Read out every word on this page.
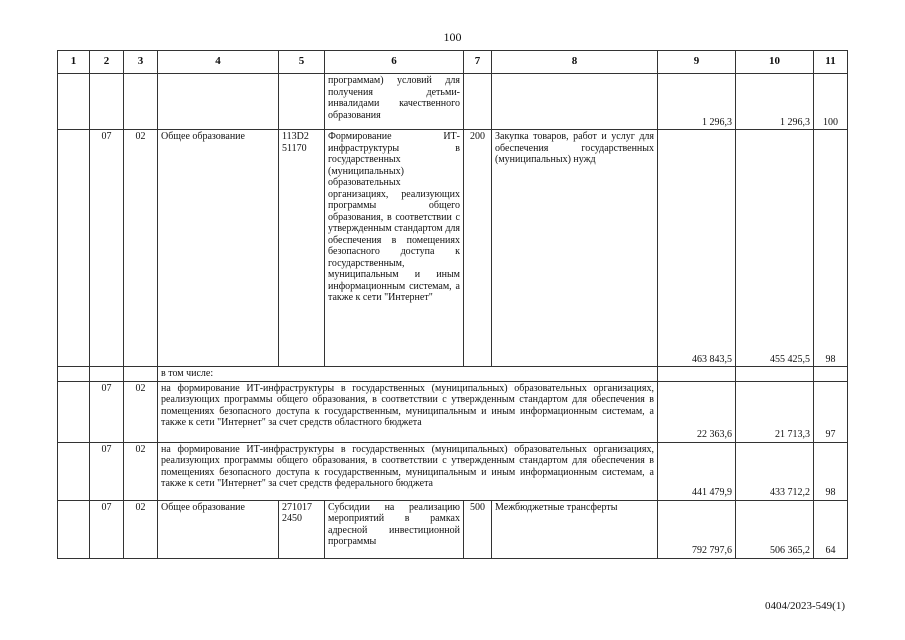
100
1	2	3	4	5	6	7	8	9	10	11
					программам) условий для получения детьми-инвалидами качественного образования			1 296,3	1 296,3	100
	07	02	Общее образование	113D2 51170	Формирование ИТ-инфраструктуры в государственных (муниципальных) образовательных организациях, реализующих программы общего образования, в соответствии с утвержденным стандартом для обеспечения в помещениях безопасного доступа к государственным, муниципальным и иным информационным системам, а также к сети "Интернет"	200	Закупка товаров, работ и услуг для обеспечения государственных (муниципальных) нужд	463 843,5	455 425,5	98
			в том числе:							
	07	02	на формирование ИТ-инфраструктуры в государственных (муниципальных) образовательных организациях, реализующих программы общего образования, в соответствии с утвержденным стандартом для обеспечения в помещениях безопасного доступа к государственным, муниципальным и иным информационным системам, а также к сети "Интернет" за счет средств областного бюджета					22 363,6	21 713,3	97
	07	02	на формирование ИТ-инфраструктуры в государственных (муниципальных) образовательных организациях, реализующих программы общего образования, в соответствии с утвержденным стандартом для обеспечения в помещениях безопасного доступа к государственным, муниципальным и иным информационным системам, а также к сети "Интернет" за счет средств федерального бюджета					441 479,9	433 712,2	98
	07	02	Общее образование	271017 2450	Субсидии на реализацию мероприятий в рамках адресной инвестиционной программы	500	Межбюджетные трансферты	792 797,6	506 365,2	64
0404/2023-549(1)
